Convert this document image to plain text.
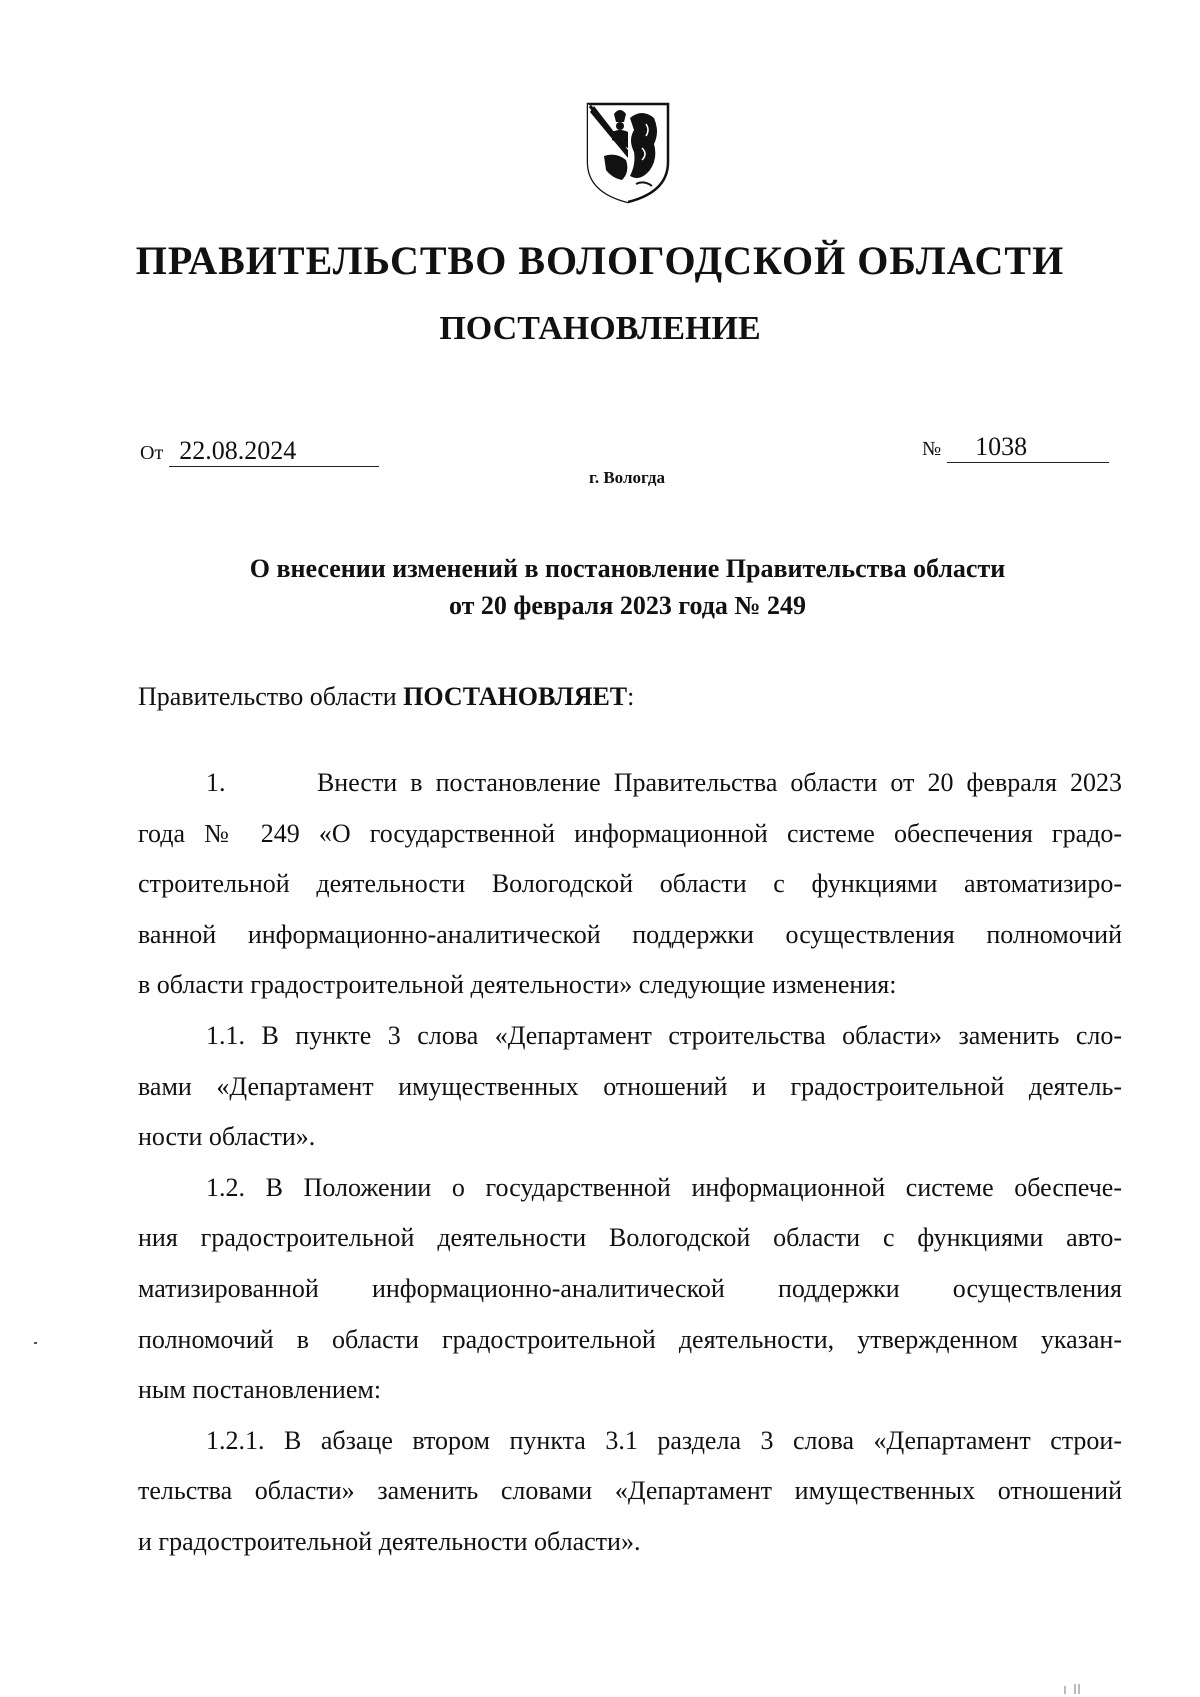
ПРАВИТЕЛЬСТВО ВОЛОГОДСКОЙ ОБЛАСТИ
ПОСТАНОВЛЕНИЕ
От 22.08.2024	№ 1038
г. Вологда
О внесении изменений в постановление Правительства области
от 20 февраля 2023 года № 249
Правительство области ПОСТАНОВЛЯЕТ:
1.       Внести в постановление Правительства области от 20 февраля 2023
года № 249 «О государственной информационной системе обеспечения градо-
строительной деятельности Вологодской области с функциями автоматизиро-
ванной информационно-аналитической поддержки осуществления полномочий
в области градостроительной деятельности» следующие изменения:
1.1. В пункте 3 слова «Департамент строительства области» заменить сло-
вами «Департамент имущественных отношений и градостроительной деятель-
ности области».
1.2. В Положении о государственной информационной системе обеспече-
ния градостроительной деятельности Вологодской области с функциями авто-
матизированной информационно-аналитической поддержки осуществления
полномочий в области градостроительной деятельности, утвержденном указан-
ным постановлением:
1.2.1. В абзаце втором пункта 3.1 раздела 3 слова «Департамент строи-
тельства области» заменить словами «Департамент имущественных отношений
и градостроительной деятельности области».
